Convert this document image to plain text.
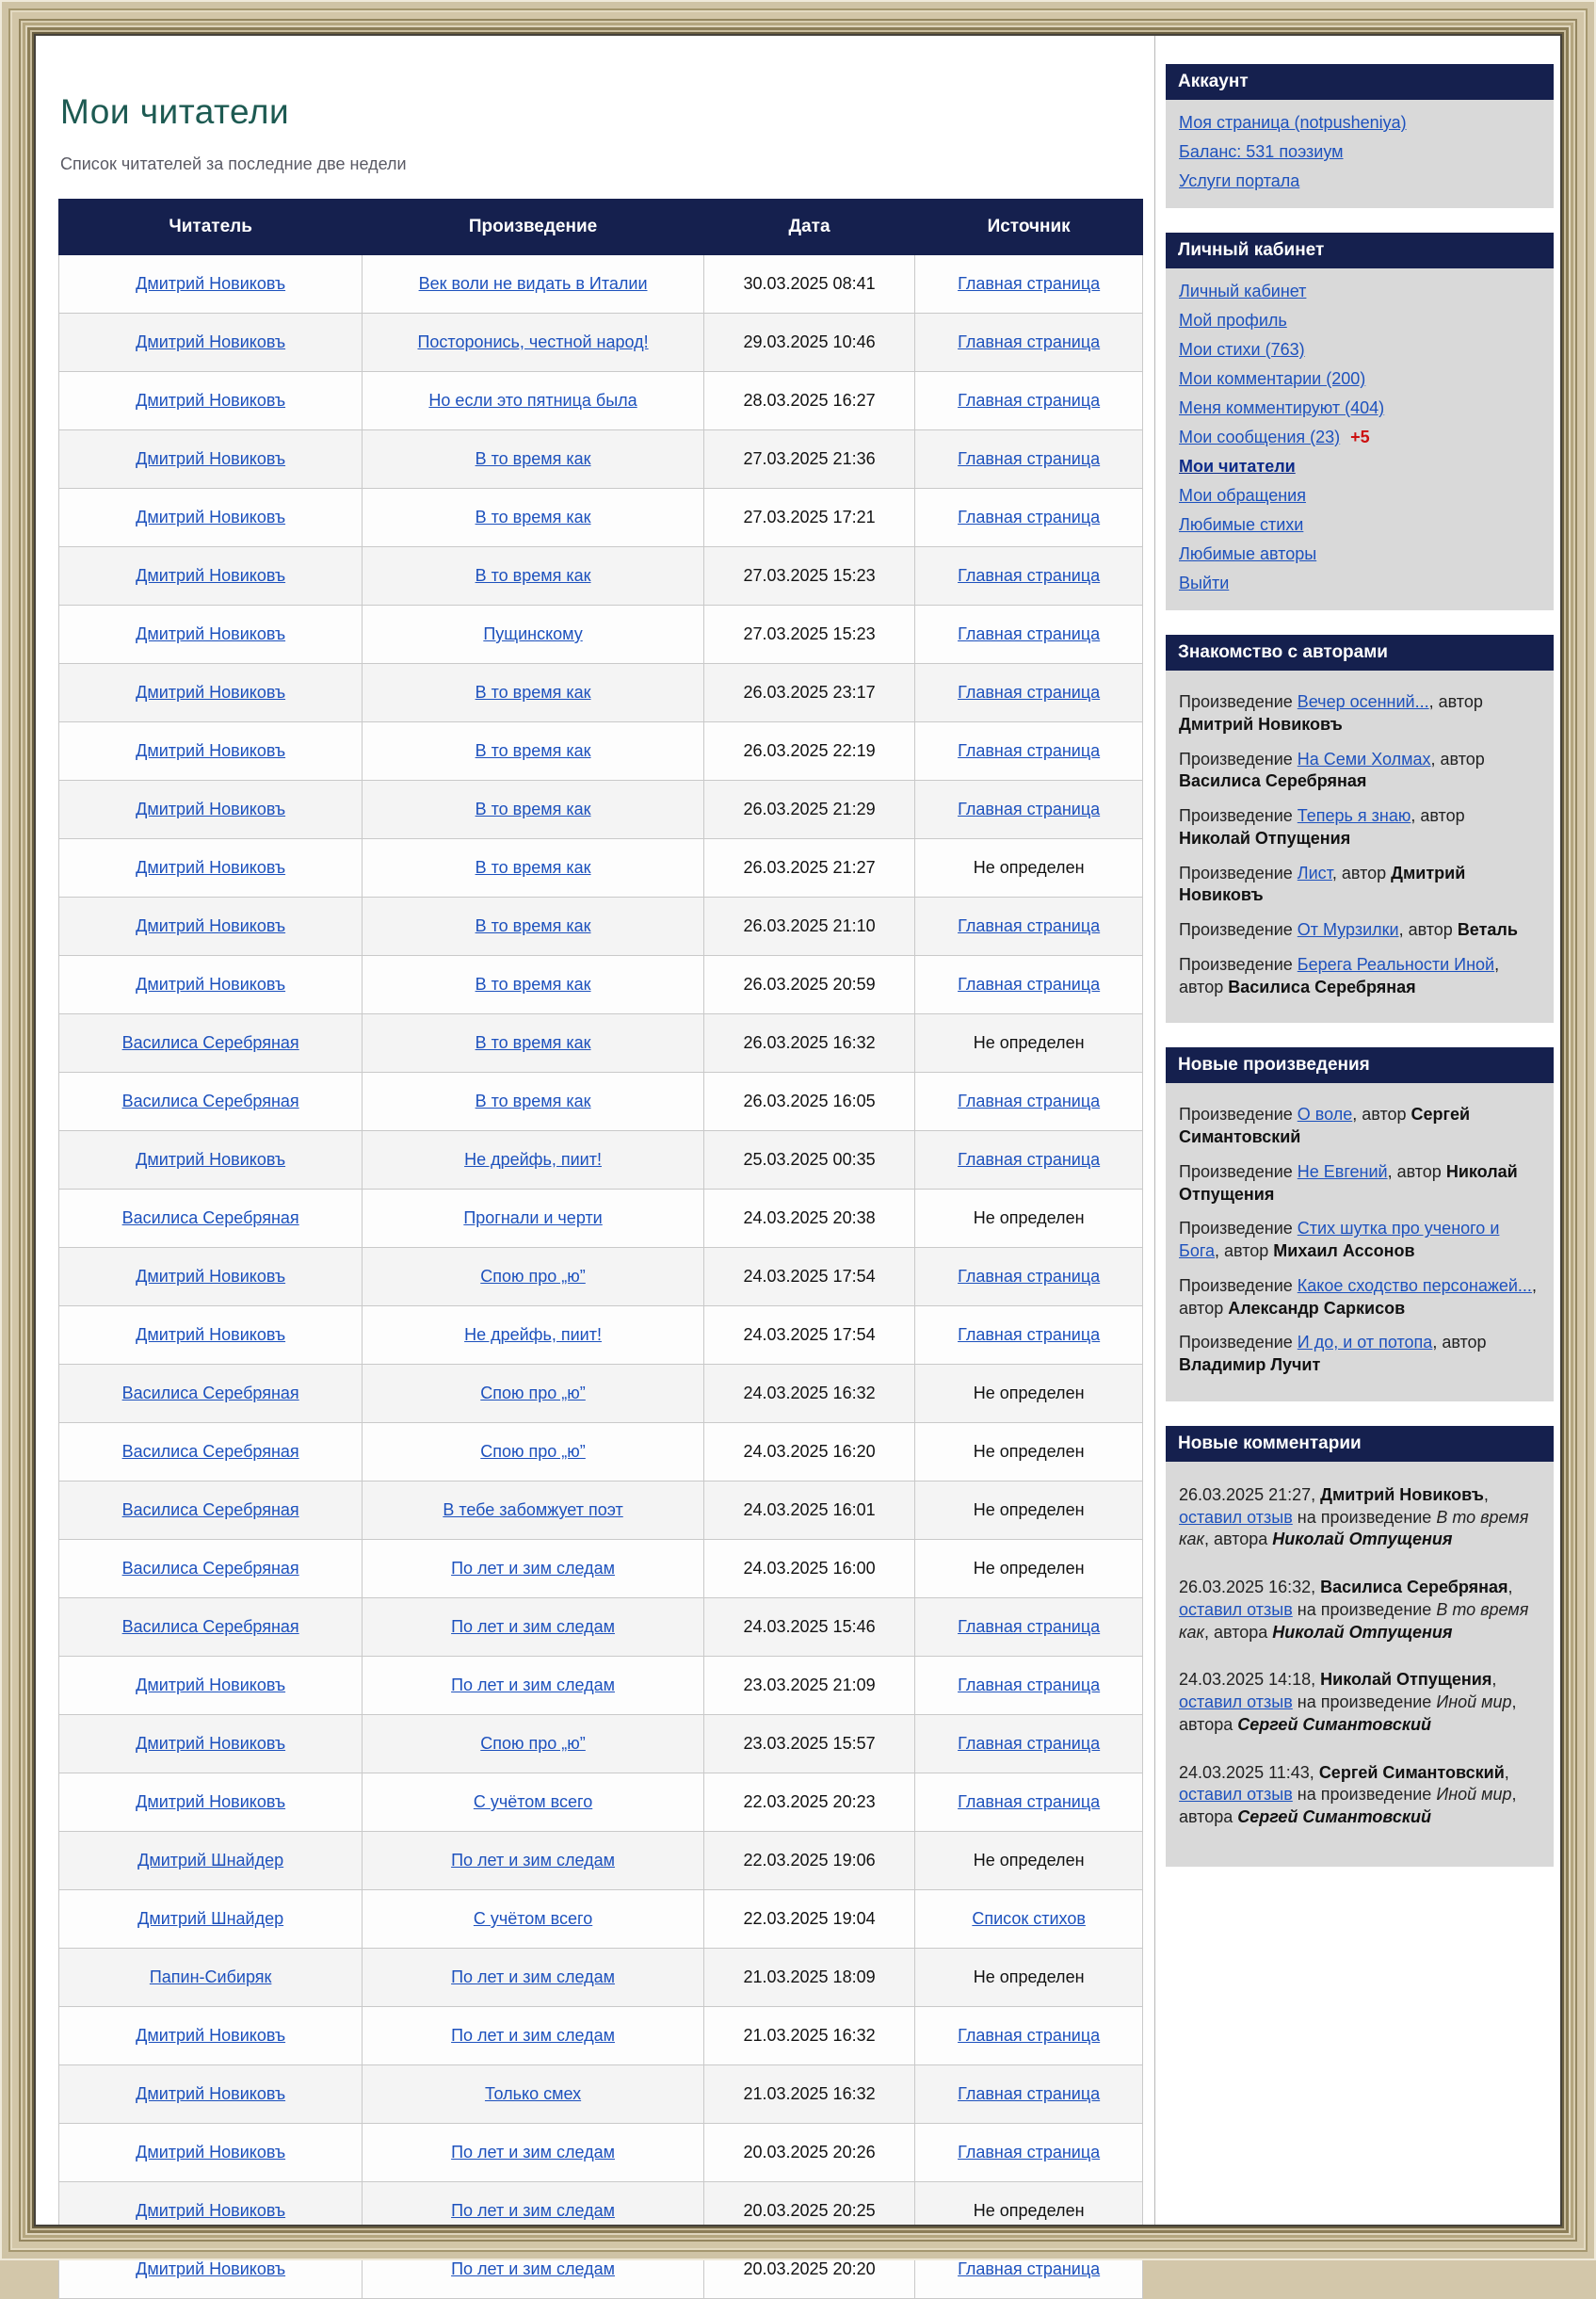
Мои читатели

Список читателей за последние две недели

Читатель	Произведение	Дата	Источник
Дмитрий Новиковъ	Век воли не видать в Италии	30.03.2025 08:41	Главная страница
Дмитрий Новиковъ	Посторонись, честной народ!	29.03.2025 10:46	Главная страница
Дмитрий Новиковъ	Но если это пятница была	28.03.2025 16:27	Главная страница
Дмитрий Новиковъ	В то время как	27.03.2025 21:36	Главная страница
Дмитрий Новиковъ	В то время как	27.03.2025 17:21	Главная страница
Дмитрий Новиковъ	В то время как	27.03.2025 15:23	Главная страница
Дмитрий Новиковъ	Пущинскому	27.03.2025 15:23	Главная страница
Дмитрий Новиковъ	В то время как	26.03.2025 23:17	Главная страница
Дмитрий Новиковъ	В то время как	26.03.2025 22:19	Главная страница
Дмитрий Новиковъ	В то время как	26.03.2025 21:29	Главная страница
Дмитрий Новиковъ	В то время как	26.03.2025 21:27	Не определен
Дмитрий Новиковъ	В то время как	26.03.2025 21:10	Главная страница
Дмитрий Новиковъ	В то время как	26.03.2025 20:59	Главная страница
Василиса Серебряная	В то время как	26.03.2025 16:32	Не определен
Василиса Серебряная	В то время как	26.03.2025 16:05	Главная страница
Дмитрий Новиковъ	Не дрейфь, пиит!	25.03.2025 00:35	Главная страница
Василиса Серебряная	Прогнали и черти	24.03.2025 20:38	Не определен
Дмитрий Новиковъ	Спою про „ю”	24.03.2025 17:54	Главная страница
Дмитрий Новиковъ	Не дрейфь, пиит!	24.03.2025 17:54	Главная страница
Василиса Серебряная	Спою про „ю”	24.03.2025 16:32	Не определен
Василиса Серебряная	Спою про „ю”	24.03.2025 16:20	Не определен
Василиса Серебряная	В тебе забомжует поэт	24.03.2025 16:01	Не определен
Василиса Серебряная	По лет и зим следам	24.03.2025 16:00	Не определен
Василиса Серебряная	По лет и зим следам	24.03.2025 15:46	Главная страница
Дмитрий Новиковъ	По лет и зим следам	23.03.2025 21:09	Главная страница
Дмитрий Новиковъ	Спою про „ю”	23.03.2025 15:57	Главная страница
Дмитрий Новиковъ	С учётом всего	22.03.2025 20:23	Главная страница
Дмитрий Шнайдер	По лет и зим следам	22.03.2025 19:06	Не определен
Дмитрий Шнайдер	С учётом всего	22.03.2025 19:04	Список стихов
Папин-Сибиряк	По лет и зим следам	21.03.2025 18:09	Не определен
Дмитрий Новиковъ	По лет и зим следам	21.03.2025 16:32	Главная страница
Дмитрий Новиковъ	Только смех	21.03.2025 16:32	Главная страница
Дмитрий Новиковъ	По лет и зим следам	20.03.2025 20:26	Главная страница
Дмитрий Новиковъ	По лет и зим следам	20.03.2025 20:25	Не определен
Дмитрий Новиковъ	По лет и зим следам	20.03.2025 20:20	Главная страница
Аккаунт
Моя страница (notpusheniya)
Баланс: 531 поэзиум
Услуги портала
Личный кабинет
Личный кабинет
Мой профиль
Мои стихи (763)
Мои комментарии (200)
Меня комментируют (404)
Мои сообщения (23) +5
Мои читатели
Мои обращения
Любимые стихи
Любимые авторы
Выйти
Знакомство с авторами

Произведение Вечер осенний..., автор Дмитрий Новиковъ

Произведение На Семи Холмах, автор Василиса Серебряная

Произведение Теперь я знаю, автор Николай Отпущения

Произведение Лист, автор Дмитрий Новиковъ

Произведение От Мурзилки, автор Веталь

Произведение Берега Реальности Иной, автор Василиса Серебряная

Новые произведения

Произведение О воле, автор Сергей Симантовский

Произведение Не Евгений, автор Николай Отпущения

Произведение Стих шутка про ученого и Бога, автор Михаил Ассонов

Произведение Какое сходство персонажей..., автор Александр Саркисов

Произведение И до, и от потопа, автор Владимир Лучит

Новые комментарии

26.03.2025 21:27, Дмитрий Новиковъ, оставил отзыв на произведение В то время как, автора Николай Отпущения

26.03.2025 16:32, Василиса Серебряная, оставил отзыв на произведение В то время как, автора Николай Отпущения

24.03.2025 14:18, Николай Отпущения, оставил отзыв на произведение Иной мир, автора Сергей Симантовский

24.03.2025 11:43, Сергей Симантовский, оставил отзыв на произведение Иной мир, автора Сергей Симантовский
